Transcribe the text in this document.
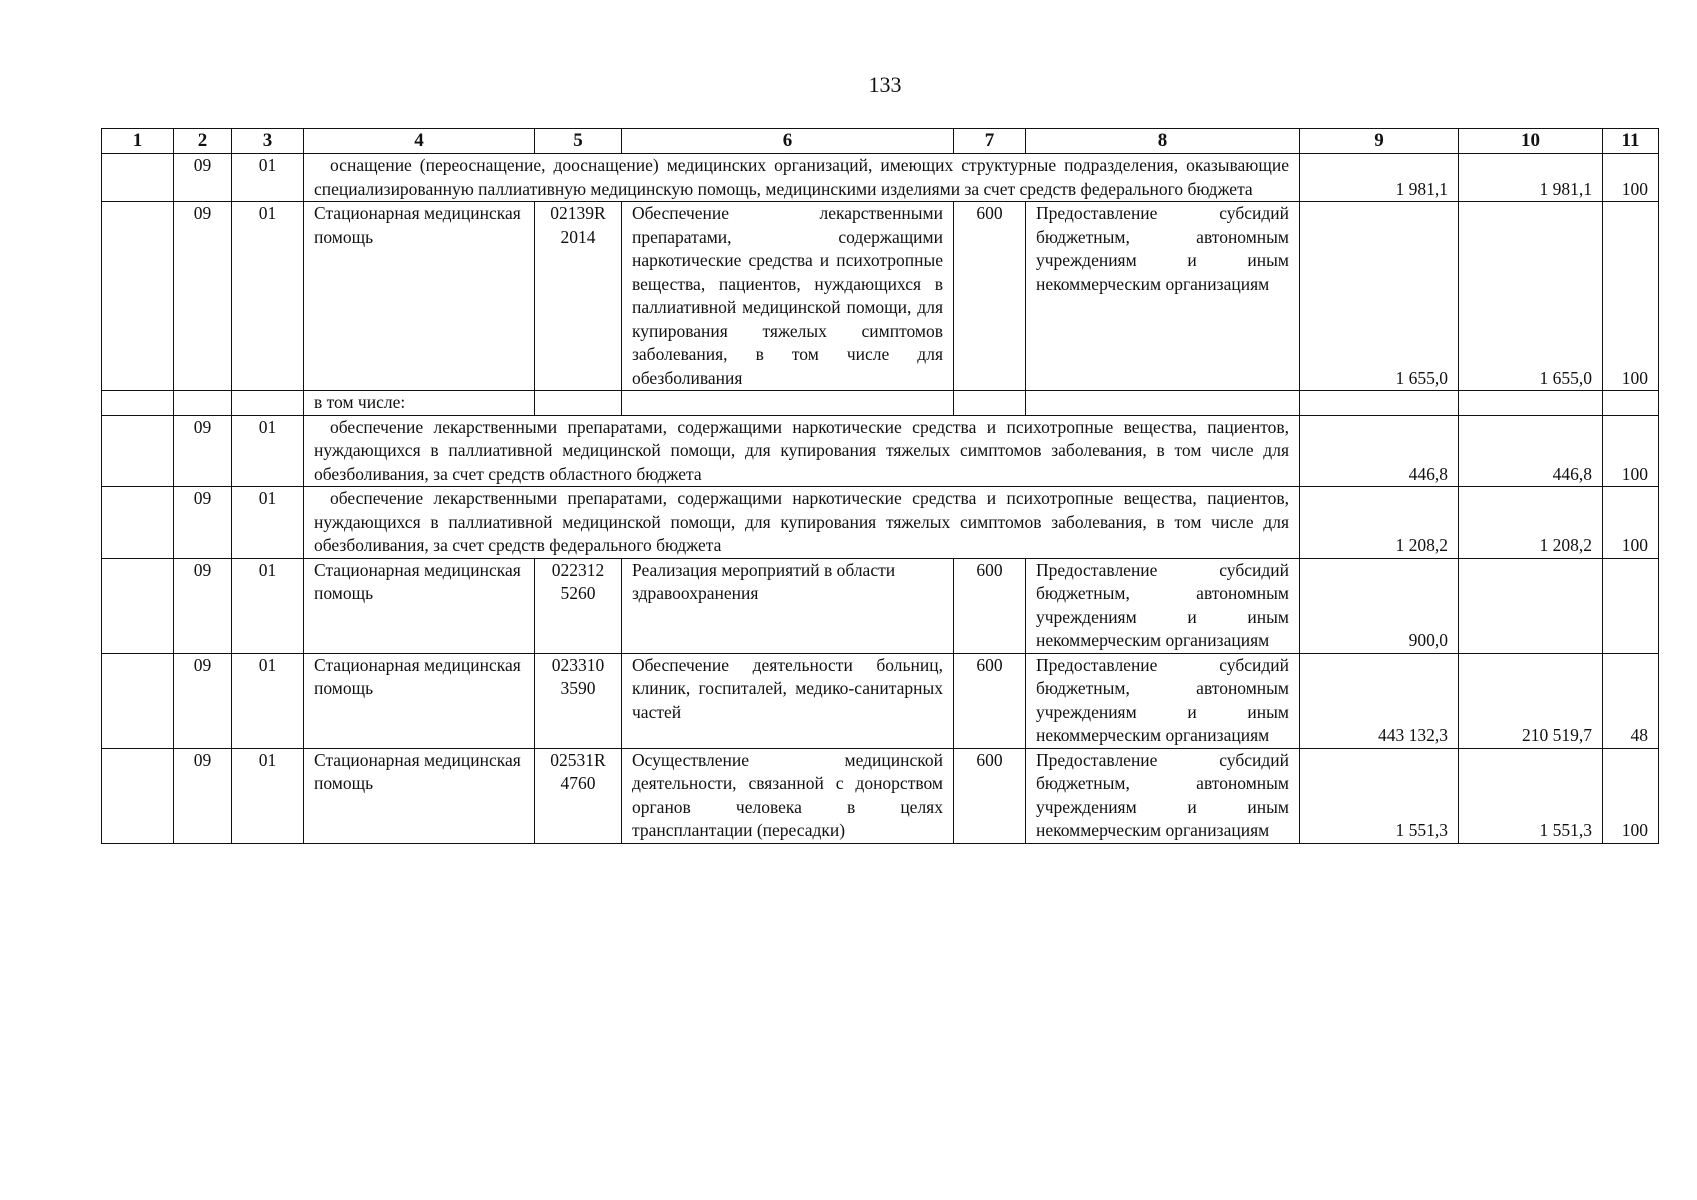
133
1	2	3	4	5	6	7	8	9	10	11
	09	01	оснащение (переоснащение, дооснащение) медицинских организаций, имеющих структурные подразделения, оказывающие специализированную паллиативную медицинскую помощь, медицинскими изделиями за счет средств федерального бюджета					1 981,1	1 981,1	100
	09	01	Стационарная медицинская помощь	02139R 2014	Обеспечение лекарственными препаратами, содержащими наркотические средства и психотропные вещества, пациентов, нуждающихся в паллиативной медицинской помощи, для купирования тяжелых симптомов заболевания, в том числе для обезболивания	600	Предоставление субсидий бюджетным, автономным учреждениям и иным некоммерческим организациям	1 655,0	1 655,0	100
			в том числе:							
	09	01	обеспечение лекарственными препаратами, содержащими наркотические средства и психотропные вещества, пациентов, нуждающихся в паллиативной медицинской помощи, для купирования тяжелых симптомов заболевания, в том числе для обезболивания, за счет средств областного бюджета					446,8	446,8	100
	09	01	обеспечение лекарственными препаратами, содержащими наркотические средства и психотропные вещества, пациентов, нуждающихся в паллиативной медицинской помощи, для купирования тяжелых симптомов заболевания, в том числе для обезболивания, за счет средств федерального бюджета					1 208,2	1 208,2	100
	09	01	Стационарная медицинская помощь	022312 5260	Реализация мероприятий в области здравоохранения	600	Предоставление субсидий бюджетным, автономным учреждениям и иным некоммерческим организациям	900,0		
	09	01	Стационарная медицинская помощь	023310 3590	Обеспечение деятельности больниц, клиник, госпиталей, медико-санитарных частей	600	Предоставление субсидий бюджетным, автономным учреждениям и иным некоммерческим организациям	443 132,3	210 519,7	48
	09	01	Стационарная медицинская помощь	02531R 4760	Осуществление медицинской деятельности, связанной с донорством органов человека в целях трансплантации (пересадки)	600	Предоставление субсидий бюджетным, автономным учреждениям и иным некоммерческим организациям	1 551,3	1 551,3	100
